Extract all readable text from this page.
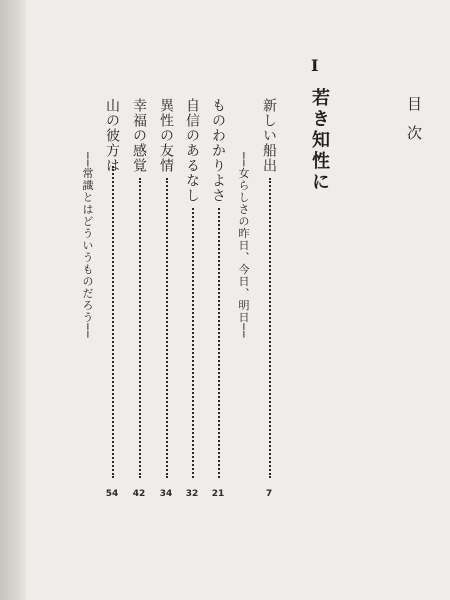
目次
I
若き知性に
新しい船出
──女らしさの昨日、今日、明日──
7
ものわかりよさ
21
自信のあるなし
32
異性の友情
34
幸福の感覚
42
山の彼方は
──常識とはどういうものだろう──
54
